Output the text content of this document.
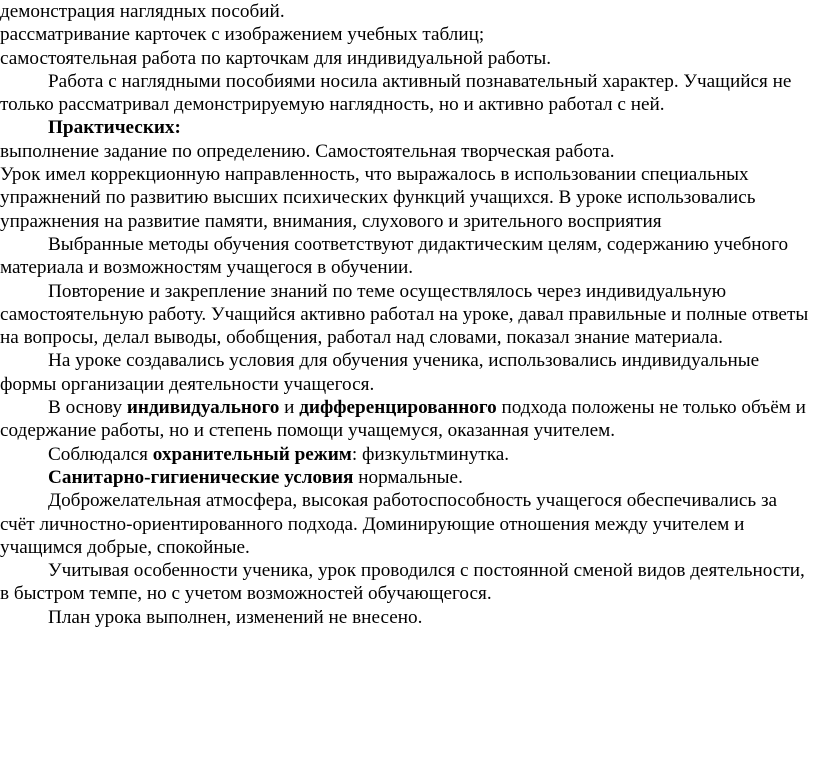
демонстрация наглядных пособий.
рассматривание карточек с изображением учебных таблиц;
самостоятельная работа по карточкам для индивидуальной работы.
Работа с наглядными пособиями носила активный познавательный характер. Учащийся не только рассматривал демонстрируемую наглядность, но и активно работал с ней.
Практических:
выполнение задание по определению. Самостоятельная творческая работа.
Урок имел коррекционную направленность, что выражалось в использовании специальных упражнений по развитию высших психических функций учащихся. В уроке использовались упражнения на развитие памяти, внимания, слухового и зрительного восприятия
Выбранные методы обучения соответствуют дидактическим целям, содержанию учебного материала и возможностям учащегося в обучении.
Повторение и закрепление знаний по теме осуществлялось через индивидуальную самостоятельную работу. Учащийся активно работал на уроке, давал правильные и полные ответы на вопросы, делал выводы, обобщения, работал над словами, показал знание материала.
На уроке создавались условия для обучения ученика, использовались индивидуальные формы организации деятельности учащегося.
В основу индивидуального и дифференцированного подхода положены не только объём и содержание работы, но и степень помощи учащемуся, оказанная учителем.
Соблюдался охранительный режим: физкультминутка.
Санитарно-гигиенические условия нормальные.
Доброжелательная атмосфера, высокая работоспособность учащегося обеспечивались за счёт личностно-ориентированного подхода. Доминирующие отношения между учителем и учащимся добрые, спокойные.
Учитывая особенности ученика, урок проводился с постоянной сменой видов деятельности, в быстром темпе, но с учетом возможностей обучающегося.
План урока выполнен, изменений не внесено.
